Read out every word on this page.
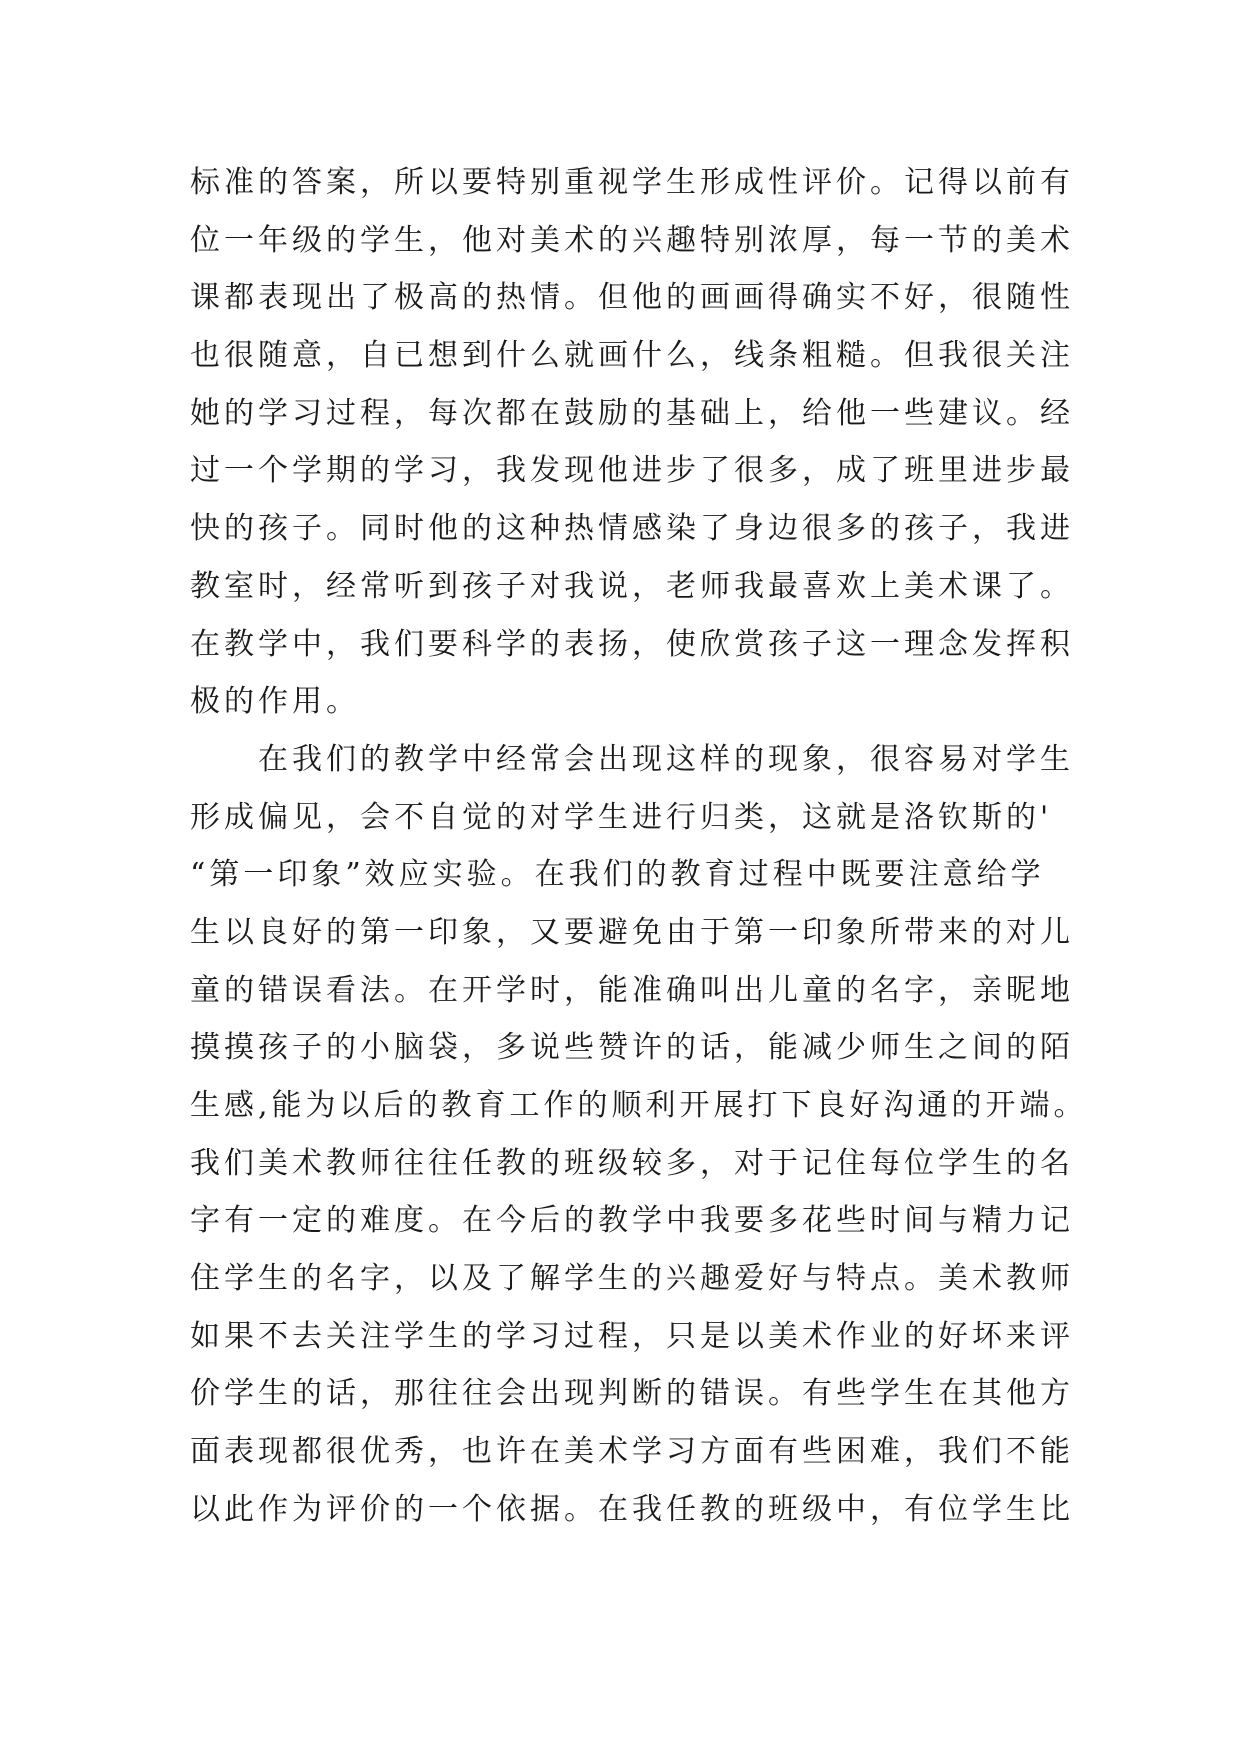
标准的答案，所以要特别重视学生形成性评价。记得以前有
位一年级的学生，他对美术的兴趣特别浓厚，每一节的美术
课都表现出了极高的热情。但他的画画得确实不好，很随性
也很随意，自已想到什么就画什么，线条粗糙。但我很关注
她的学习过程，每次都在鼓励的基础上，给他一些建议。经
过一个学期的学习，我发现他进步了很多，成了班里进步最
快的孩子。同时他的这种热情感染了身边很多的孩子，我进
教室时，经常听到孩子对我说，老师我最喜欢上美术课了。
在教学中，我们要科学的表扬，使欣赏孩子这一理念发挥积
极的作用。
在我们的教学中经常会出现这样的现象，很容易对学生
形成偏见，会不自觉的对学生进行归类，这就是洛钦斯的'
“第一印象”效应实验。在我们的教育过程中既要注意给学
生以良好的第一印象，又要避免由于第一印象所带来的对儿
童的错误看法。在开学时，能准确叫出儿童的名字，亲昵地
摸摸孩子的小脑袋，多说些赞许的话，能减少师生之间的陌
生感,能为以后的教育工作的顺利开展打下良好沟通的开端。
我们美术教师往往任教的班级较多，对于记住每位学生的名
字有一定的难度。在今后的教学中我要多花些时间与精力记
住学生的名字，以及了解学生的兴趣爱好与特点。美术教师
如果不去关注学生的学习过程，只是以美术作业的好坏来评
价学生的话，那往往会出现判断的错误。有些学生在其他方
面表现都很优秀，也许在美术学习方面有些困难，我们不能
以此作为评价的一个依据。在我任教的班级中，有位学生比
